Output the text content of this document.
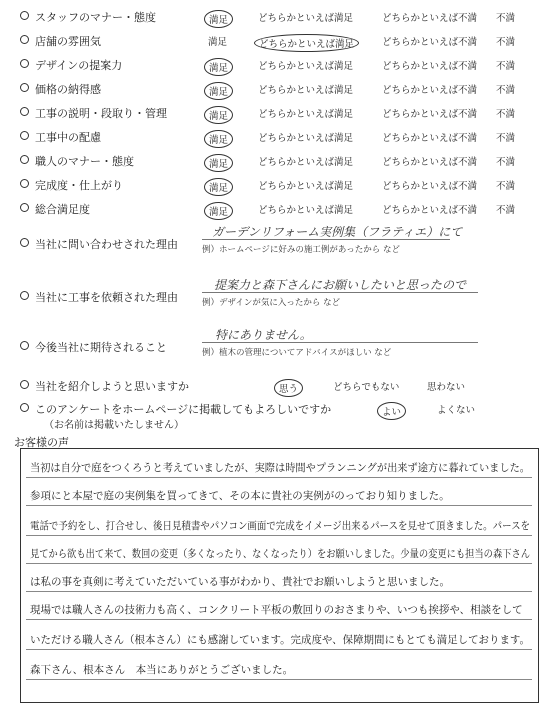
スタッフのマナー・態度	満足	どちらかといえば満足	どちらかといえば不満 不満
店舗の雰囲気	満足	どちらかといえば満足	どちらかといえば不満 不満
デザインの提案力	満足	どちらかといえば満足	どちらかといえば不満 不満
価格の納得感	満足	どちらかといえば満足	どちらかといえば不満 不満
工事の説明・段取り・管理	満足	どちらかといえば満足	どちらかといえば不満 不満
工事中の配慮	満足	どちらかといえば満足	どちらかといえば不満 不満
職人のマナー・態度	満足	どちらかといえば満足	どちらかといえば不満 不満
完成度・仕上がり	満足	どちらかといえば満足	どちらかといえば不満 不満
総合満足度	満足	どちらかといえば満足	どちらかといえば不満 不満
当社に問い合わせされた理由
ガーデンリフォーム実例集（フラティエ）にて
例）ホームページに好みの施工例があったから など
当社に工事を依頼された理由
提案力と森下さんにお願いしたいと思ったので
例）デザインが気に入ったから など
今後当社に期待されること
特にありません。
例）植木の管理についてアドバイスがほしい など
当社を紹介しようと思いますか	思う	どちらでもない	思わない
このアンケートをホームページに掲載してもよろしいですか
（お名前は掲載いたしません）
よい	よくない
お客様の声
当初は自分で庭をつくろうと考えていましたが、実際は時間やプランニングが出来ず途方に暮れていました。
参項にと本屋で庭の実例集を買ってきて、その本に貴社の実例がのっており知りました。
電話で予約をし、打合せし、後日見積書やパソコン画面で完成をイメージ出来るパースを見せて頂きました。パースを
見てから欲も出て来て、数回の変更（多くなったり、なくなったり）をお願いしました。少量の変更にも担当の森下さん
は私の事を真剣に考えていただいている事がわかり、貴社でお願いしようと思いました。
現場では職人さんの技術力も高く、コンクリート平板の敷回りのおさまりや、いつも挨拶や、相談をして
いただける職人さん（根本さん）にも感謝しています。完成度や、保障期間にもとても満足しております。
森下さん、根本さん　本当にありがとうございました。
